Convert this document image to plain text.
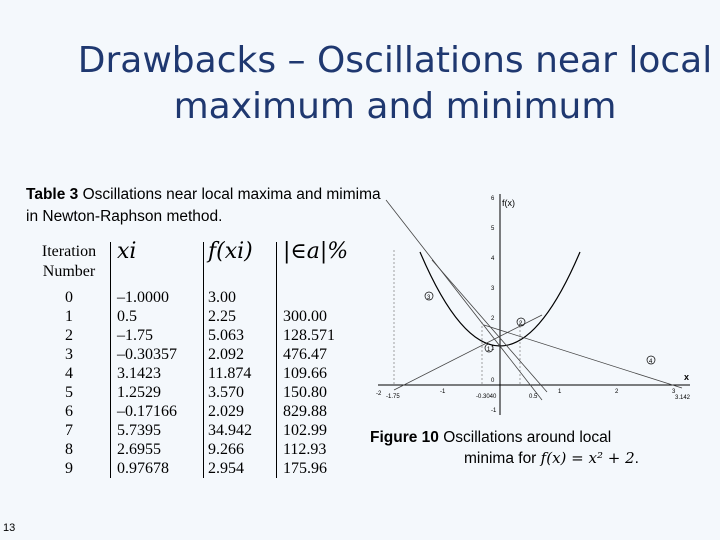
Drawbacks – Oscillations near local maximum and minimum
Table 3 Oscillations near local maxima and mimima in Newton-Raphson method.
Iteration Number	xi	f(xi)	|∈a|%
0	–1.0000	3.00	
1	0.5	2.25	300.00
2	–1.75	5.063	128.571
3	–0.30357	2.092	476.47
4	3.1423	11.874	109.66
5	1.2529	3.570	150.80
6	–0.17166	2.029	829.88
7	5.7395	34.942	102.99
8	2.6955	9.266	112.93
9	0.97678	2.954	175.96
f(x)
x
6
5
4
3
2
1
0
-1
-2 -1.75
-1
-0.3040	0.5
1	2	3
3.142
3
2
1
4
Figure 10 Oscillations around local
minima for f(x) = x² + 2.
13
